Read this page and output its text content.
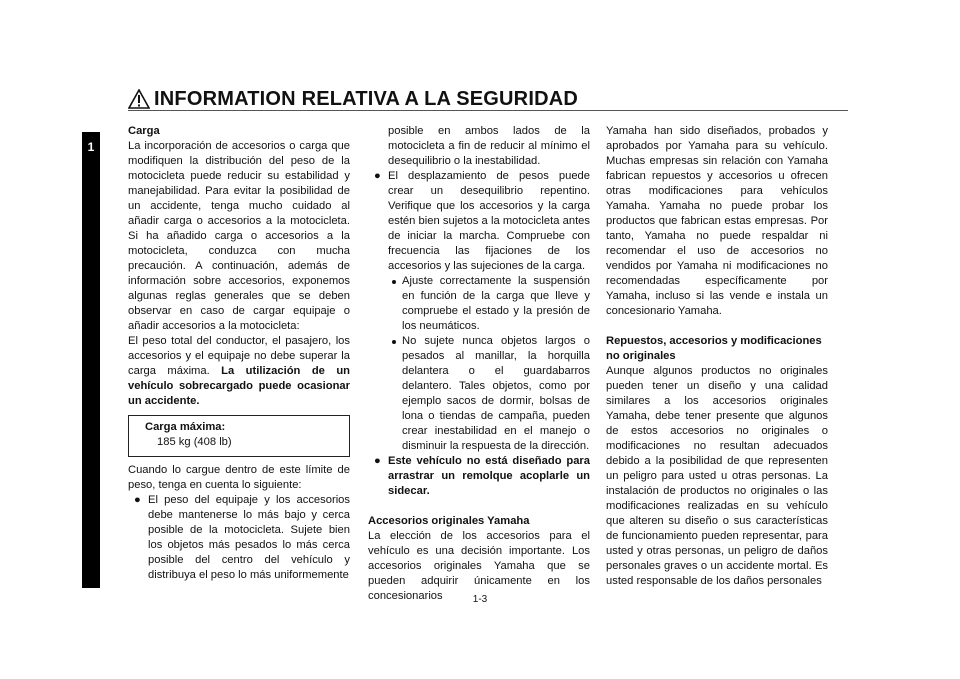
1
INFORMATION RELATIVA A LA SEGURIDAD

Carga

La incorporación de accesorios o carga que modifiquen la distribución del peso de la motocicleta puede reducir su estabilidad y manejabilidad. Para evitar la posibilidad de un accidente, tenga mucho cuidado al añadir carga o accesorios a la motocicleta. Si ha añadido carga o accesorios a la motocicleta, conduzca con mucha precaución. A continuación, además de información sobre accesorios, exponemos algunas reglas generales que se deben observar en caso de cargar equipaje o añadir accesorios a la motocicleta:

El peso total del conductor, el pasajero, los accesorios y el equipaje no debe superar la carga máxima. La utilización de un vehículo sobrecargado puede ocasionar un accidente.

Carga máxima:
185 kg (408 lb)

Cuando lo cargue dentro de este límite de peso, tenga en cuenta lo siguiente:

● El peso del equipaje y los accesorios debe mantenerse lo más bajo y cerca posible de la motocicleta. Sujete bien los objetos más pesados lo más cerca posible del centro del vehículo y distribuya el peso lo más uniformemente

posible en ambos lados de la motocicleta a fin de reducir al mínimo el desequilibrio o la inestabilidad.

● El desplazamiento de pesos puede crear un desequilibrio repentino. Verifique que los accesorios y la carga estén bien sujetos a la motocicleta antes de iniciar la marcha. Compruebe con frecuencia las fijaciones de los accesorios y las sujeciones de la carga.
Ajuste correctamente la suspensión en función de la carga que lleve y compruebe el estado y la presión de los neumáticos.
No sujete nunca objetos largos o pesados al manillar, la horquilla delantera o el guardabarros delantero. Tales objetos, como por ejemplo sacos de dormir, bolsas de lona o tiendas de campaña, pueden crear inestabilidad en el manejo o disminuir la respuesta de la dirección.
● Este vehículo no está diseñado para arrastrar un remolque acoplarle un sidecar.

Accesorios originales Yamaha

La elección de los accesorios para el vehículo es una decisión importante. Los accesorios originales Yamaha que se pueden adquirir únicamente en los concesionarios

Yamaha han sido diseñados, probados y aprobados por Yamaha para su vehículo. Muchas empresas sin relación con Yamaha fabrican repuestos y accesorios u ofrecen otras modificaciones para vehículos Yamaha. Yamaha no puede probar los productos que fabrican estas empresas. Por tanto, Yamaha no puede respaldar ni recomendar el uso de accesorios no vendidos por Yamaha ni modificaciones no recomendadas específicamente por Yamaha, incluso si las vende e instala un concesionario Yamaha.

Repuestos, accesorios y modificaciones no originales

Aunque algunos productos no originales pueden tener un diseño y una calidad similares a los accesorios originales Yamaha, debe tener presente que algunos de estos accesorios no originales o modificaciones no resultan adecuados debido a la posibilidad de que representen un peligro para usted u otras personas. La instalación de productos no originales o las modificaciones realizadas en su vehículo que alteren su diseño o sus características de funcionamiento pueden representar, para usted y otras personas, un peligro de daños personales graves o un accidente mortal. Es usted responsable de los daños personales

1-3
